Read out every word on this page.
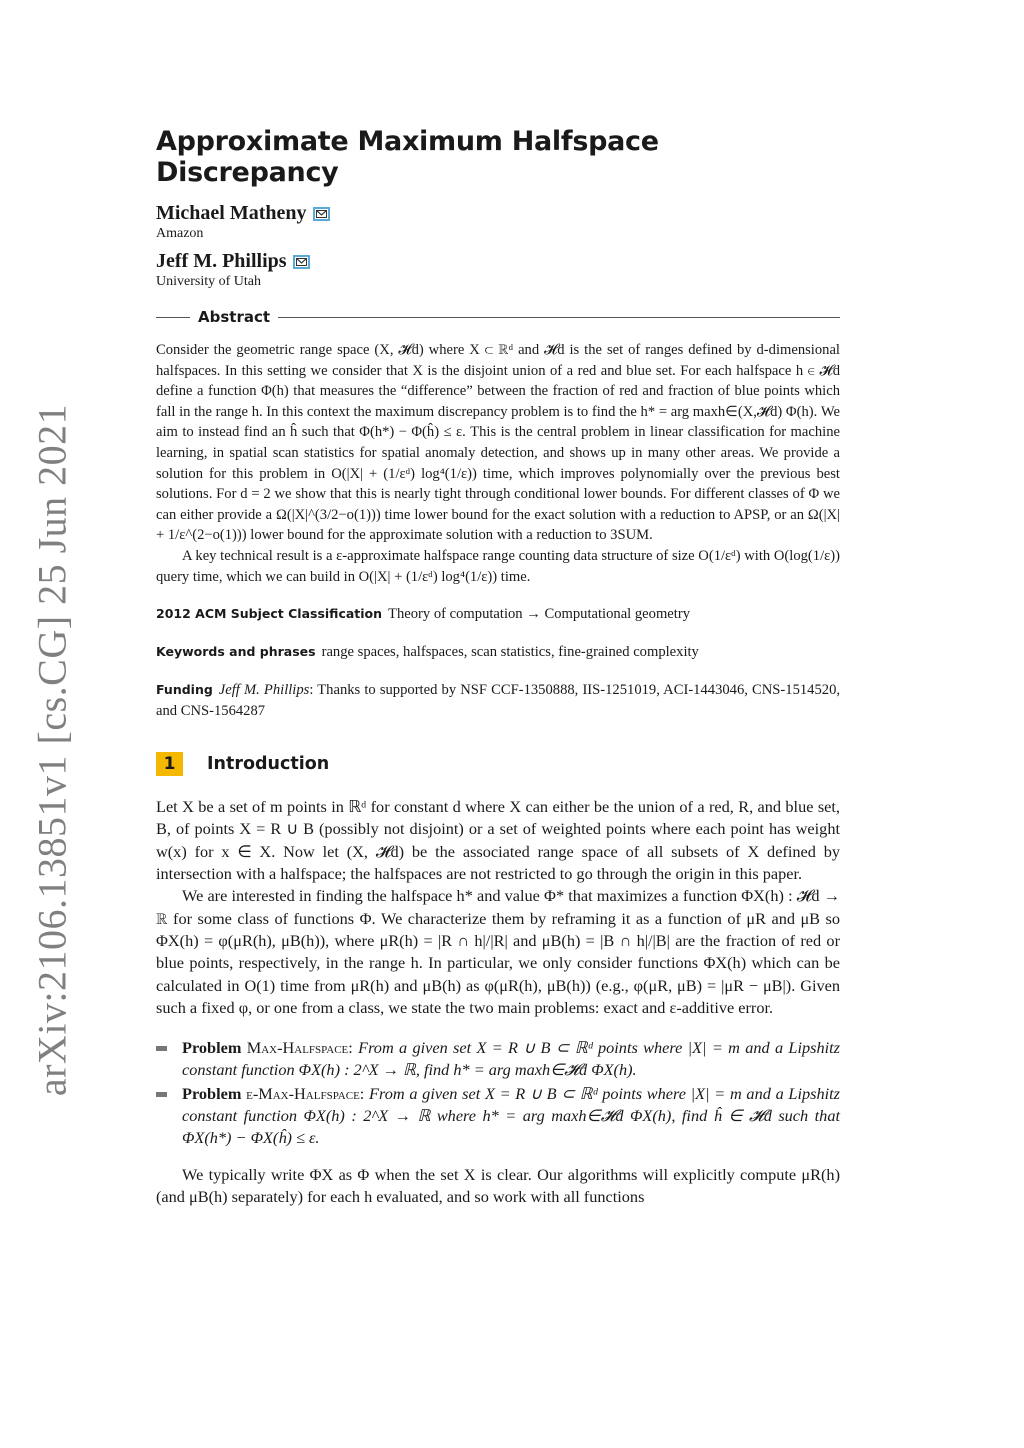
arXiv:2106.13851v1 [cs.CG] 25 Jun 2021
Approximate Maximum Halfspace Discrepancy
Michael Matheny
Amazon
Jeff M. Phillips
University of Utah
Abstract

Consider the geometric range space (X, 𝓗d) where X ⊂ ℝᵈ and 𝓗d is the set of ranges defined by d-dimensional halfspaces. In this setting we consider that X is the disjoint union of a red and blue set. For each halfspace h ∈ 𝓗d define a function Φ(h) that measures the “difference” between the fraction of red and fraction of blue points which fall in the range h. In this context the maximum discrepancy problem is to find the h* = arg maxh∈(X,𝓗d) Φ(h). We aim to instead find an ĥ such that Φ(h*) − Φ(ĥ) ≤ ε. This is the central problem in linear classification for machine learning, in spatial scan statistics for spatial anomaly detection, and shows up in many other areas. We provide a solution for this problem in O(|X| + (1/εᵈ) log⁴(1/ε)) time, which improves polynomially over the previous best solutions. For d = 2 we show that this is nearly tight through conditional lower bounds. For different classes of Φ we can either provide a Ω(|X|^(3/2−o(1))) time lower bound for the exact solution with a reduction to APSP, or an Ω(|X| + 1/ε^(2−o(1))) lower bound for the approximate solution with a reduction to 3SUM.

A key technical result is a ε-approximate halfspace range counting data structure of size O(1/εᵈ) with O(log(1/ε)) query time, which we can build in O(|X| + (1/εᵈ) log⁴(1/ε)) time.

2012 ACM Subject Classification Theory of computation → Computational geometry
Keywords and phrases range spaces, halfspaces, scan statistics, fine-grained complexity
Funding Jeff M. Phillips: Thanks to supported by NSF CCF-1350888, IIS-1251019, ACI-1443046, CNS-1514520, and CNS-1564287
1	Introduction

Let X be a set of m points in ℝᵈ for constant d where X can either be the union of a red, R, and blue set, B, of points X = R ∪ B (possibly not disjoint) or a set of weighted points where each point has weight w(x) for x ∈ X. Now let (X, 𝓗d) be the associated range space of all subsets of X defined by intersection with a halfspace; the halfspaces are not restricted to go through the origin in this paper.

We are interested in finding the halfspace h* and value Φ* that maximizes a function ΦX(h) : 𝓗d → ℝ for some class of functions Φ. We characterize them by reframing it as a function of μR and μB so ΦX(h) = φ(μR(h), μB(h)), where μR(h) = |R ∩ h|/|R| and μB(h) = |B ∩ h|/|B| are the fraction of red or blue points, respectively, in the range h. In particular, we only consider functions ΦX(h) which can be calculated in O(1) time from μR(h) and μB(h) as φ(μR(h), μB(h)) (e.g., φ(μR, μB) = |μR − μB|). Given such a fixed φ, or one from a class, we state the two main problems: exact and ε-additive error.

Problem Max-Halfspace: From a given set X = R ∪ B ⊂ ℝᵈ points where |X| = m and a Lipshitz constant function ΦX(h) : 2^X → ℝ, find h* = arg maxh∈𝓗d ΦX(h).

Problem ε-Max-Halfspace: From a given set X = R ∪ B ⊂ ℝᵈ points where |X| = m and a Lipshitz constant function ΦX(h) : 2^X → ℝ where h* = arg maxh∈𝓗d ΦX(h), find ĥ ∈ 𝓗d such that ΦX(h*) − ΦX(ĥ) ≤ ε.

We typically write ΦX as Φ when the set X is clear. Our algorithms will explicitly compute μR(h) (and μB(h) separately) for each h evaluated, and so work with all functions
